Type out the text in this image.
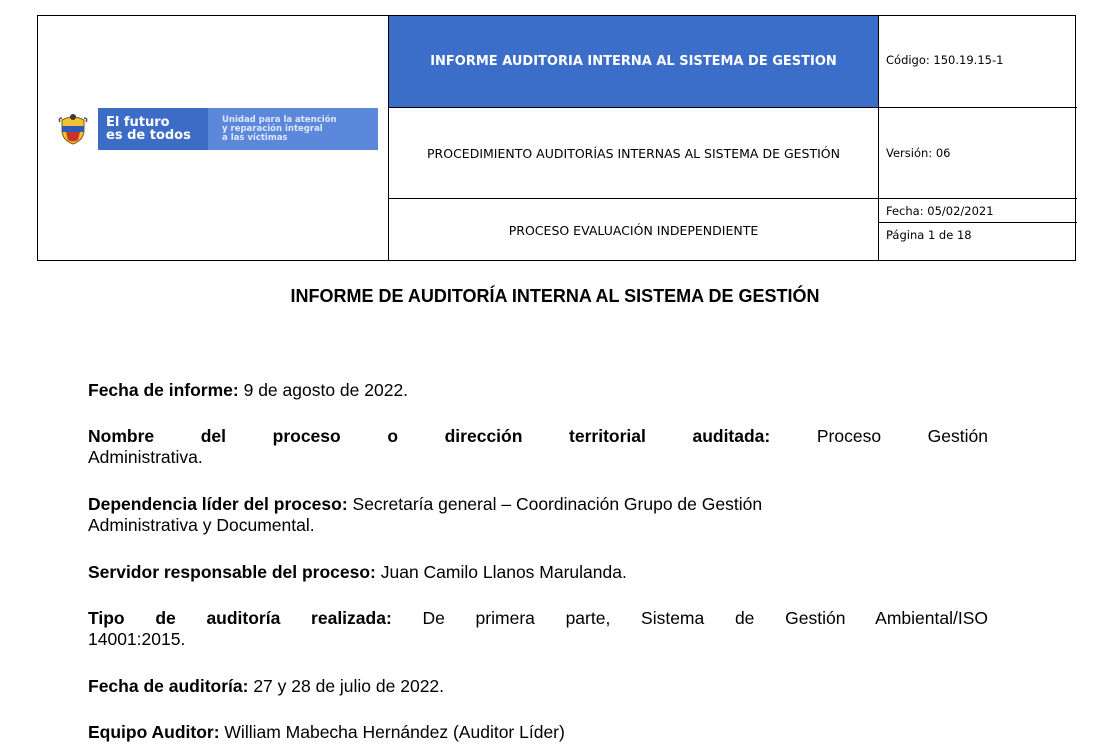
El futuro
es de todos
Unidad para la atención
y reparación integral
a las víctimas
INFORME AUDITORIA INTERNA AL SISTEMA DE GESTION
PROCEDIMIENTO AUDITORÍAS INTERNAS AL SISTEMA DE GESTIÓN
PROCESO EVALUACIÓN INDEPENDIENTE
Código: 150.19.15-1
Versión: 06
Fecha: 05/02/2021
Página 1 de 18
INFORME DE AUDITORÍA INTERNA AL SISTEMA DE GESTIÓN
Fecha de informe: 9 de agosto de 2022.
Nombre del proceso o dirección territorial auditada:	Proceso Gestión
Administrativa.
Dependencia líder del proceso: Secretaría general – Coordinación Grupo de Gestión
Administrativa y Documental.
Servidor responsable del proceso: Juan Camilo Llanos Marulanda.
Tipo de auditoría realizada: De primera parte, Sistema de Gestión Ambiental/ISO
14001:2015.
Fecha de auditoría: 27 y 28 de julio de 2022.
Equipo Auditor: William Mabecha Hernández (Auditor Líder)
